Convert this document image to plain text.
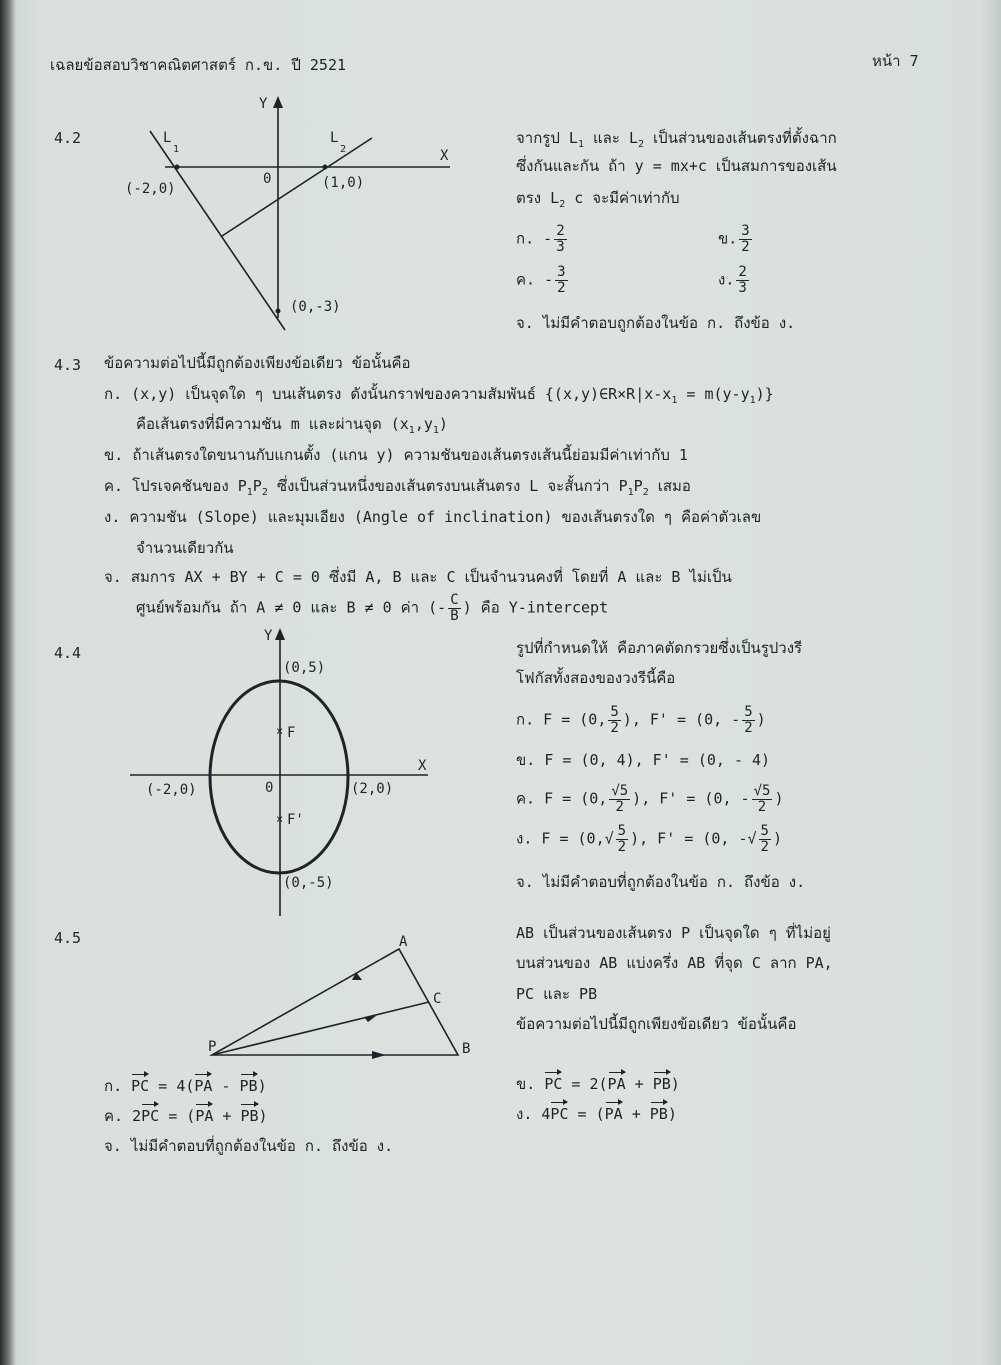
เฉลยข้อสอบวิชาคณิตศาสตร์ ก.ข. ปี 2521	หน้า 7
4.2
Y
X
L
1
L
2
0
(-2,0)	(1,0)
(0,-3)
จากรูป $L_1$ และ $L_2$ เป็นส่วนของเส้นตรงที่ตั้งฉาก
ซึ่งกันและกัน ถ้า y = mx+c เป็นสมการของเส้น
ตรง $L_2$ c จะมีค่าเท่ากับ
ก. - $\frac{2}{3}$	ข. $\frac{3}{2}$
ค. - $\frac{3}{2}$	ง. $\frac{2}{3}$
จ. ไม่มีคำตอบถูกต้องในข้อ ก. ถึงข้อ ง.
4.3 ข้อความต่อไปนี้มีถูกต้องเพียงข้อเดียว ข้อนั้นคือ
ก. (x,y) เป็นจุดใด ๆ บนเส้นตรง ดังนั้นกราฟของความสัมพันธ์ $\{(x,y)\in R\times R|x-x_1 = m(y-y_1)\}$
คือเส้นตรงที่มีความชัน m และผ่านจุด $(x_1,y_1)$
ข. ถ้าเส้นตรงใดขนานกับแกนตั้ง (แกน y) ความชันของเส้นตรงเส้นนี้ย่อมมีค่าเท่ากับ 1
ค. โปรเจคชันของ $P_1P_2$ ซึ่งเป็นส่วนหนึ่งของเส้นตรงบนเส้นตรง L จะสั้นกว่า $P_1P_2$ เสมอ
ง. ความชัน (Slope) และมุมเอียง (Angle of inclination) ของเส้นตรงใด ๆ คือค่าตัวเลข
จำนวนเดียวกัน
จ. สมการ AX + BY + C = 0 ซึ่งมี A, B และ C เป็นจำนวนคงที่ โดยที่ A และ B ไม่เป็น
ศูนย์พร้อมกัน ถ้า A ≠ 0 และ B ≠ 0 ค่า (- $\frac{C}{B}$ ) คือ Y-intercept
4.4
×
×
Y
X
0
(0,5)
(0,-5)
(-2,0)	(2,0)
F
F'
รูปที่กำหนดให้ คือภาคตัดกรวยซึ่งเป็นรูปวงรี
โฟกัสทั้งสองของวงรีนี้คือ
ก. F = (0, $\frac{5}{2}$ ), F' = (0, - $\frac{5}{2}$ )
ข. F = (0, 4), F' = (0, - 4)
ค. F = (0, $\frac{√5}{2}$ ), F' = (0, - $\frac{√5}{2}$ )
ง. $F = (0,√ \frac{5}{2}$ ), F' = (0, -√ $\frac{5}{2}$ )
จ. ไม่มีคำตอบที่ถูกต้องในข้อ ก. ถึงข้อ ง.
4.5	A
B
C
P
AB เป็นส่วนของเส้นตรง P เป็นจุดใด ๆ ที่ไม่อยู่
บนส่วนของ AB แบ่งครึ่ง AB ที่จุด C ลาก PA,
PC และ PB
ข้อความต่อไปนี้มีถูกเพียงข้อเดียว ข้อนั้นคือ
ก. PC = 4(PA - PB)
ค. 2PC = (PA + PB)
ข. PC = 2(PA + PB)
ง. 4PC = (PA + PB)
จ. ไม่มีคำตอบที่ถูกต้องในข้อ ก. ถึงข้อ ง.
